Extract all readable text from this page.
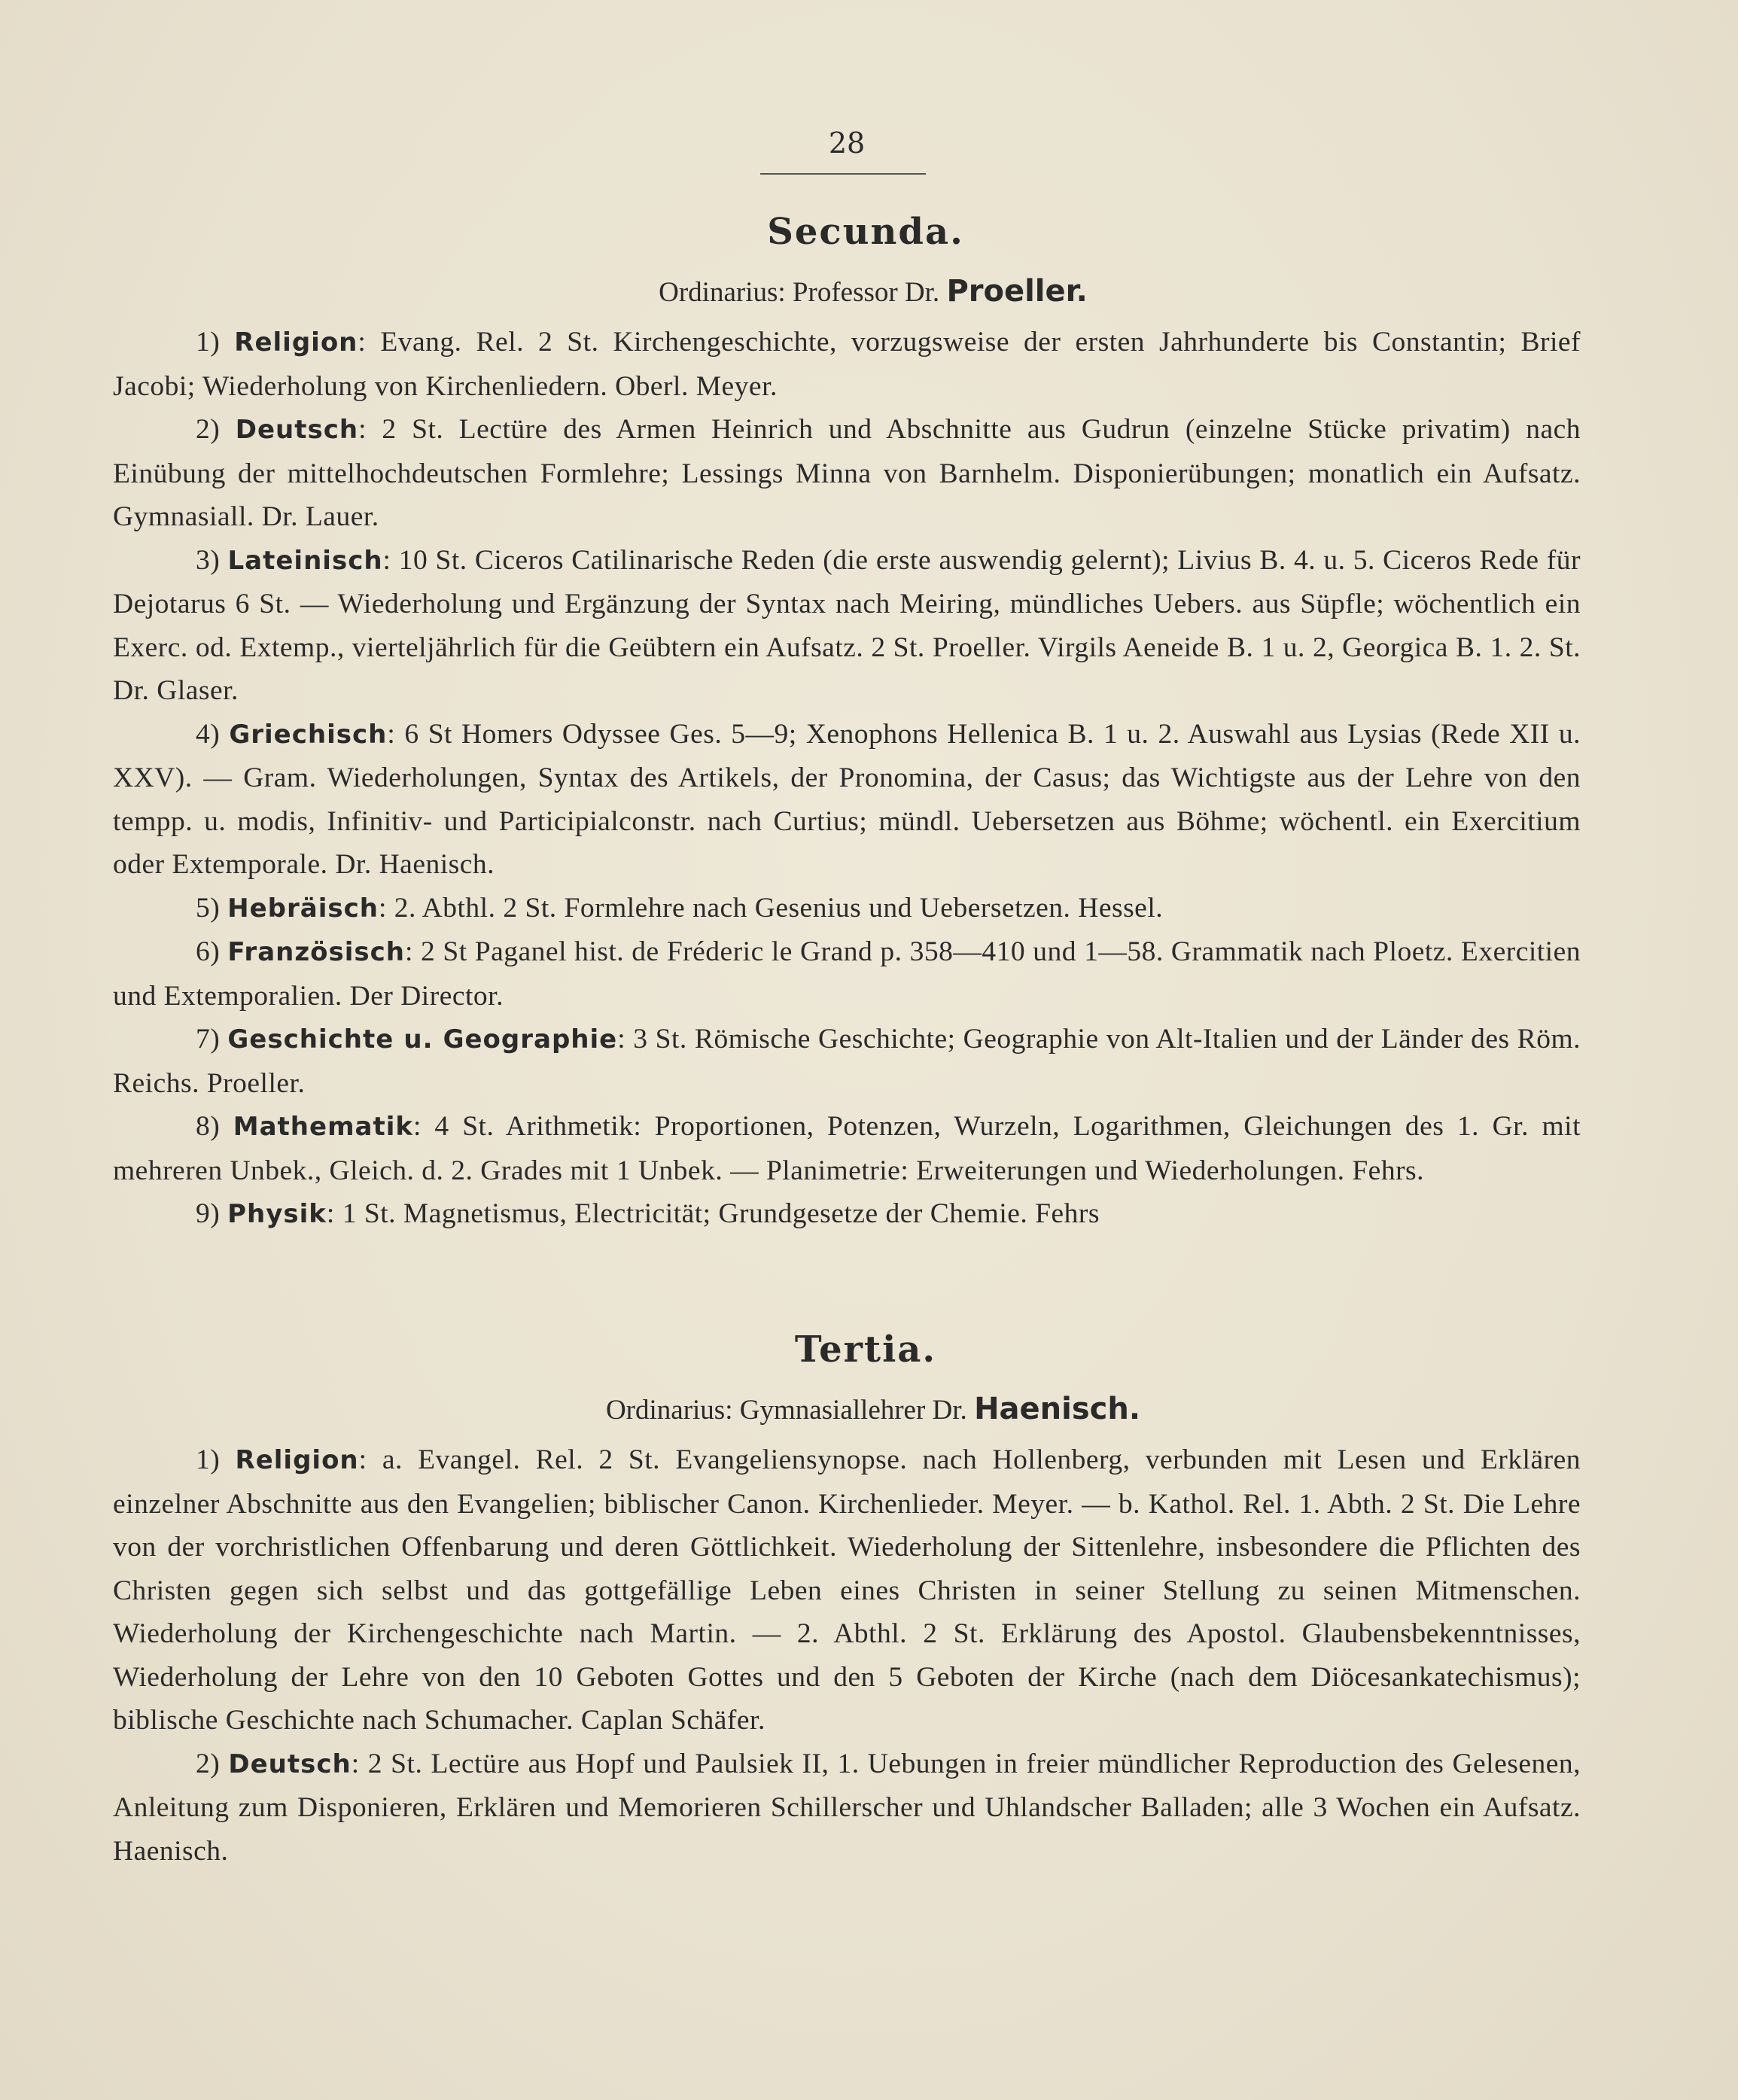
28
Secunda.
Ordinarius: Professor Dr. Proeller.

1) Religion: Evang. Rel. 2 St. Kirchengeschichte, vorzugsweise der ersten Jahrhunderte bis Constantin; Brief Jacobi; Wiederholung von Kirchenliedern. Oberl. Meyer.

2) Deutsch: 2 St. Lectüre des Armen Heinrich und Abschnitte aus Gudrun (einzelne Stücke privatim) nach Einübung der mittelhochdeutschen Formlehre; Lessings Minna von Barnhelm. Disponierübungen; monatlich ein Aufsatz. Gymnasiall. Dr. Lauer.

3) Lateinisch: 10 St. Ciceros Catilinarische Reden (die erste auswendig gelernt); Livius B. 4. u. 5. Ciceros Rede für Dejotarus 6 St. — Wiederholung und Ergänzung der Syntax nach Meiring, mündliches Uebers. aus Süpfle; wöchentlich ein Exerc. od. Extemp., vierteljährlich für die Geübtern ein Aufsatz. 2 St. Proeller. Virgils Aeneide B. 1 u. 2, Georgica B. 1. 2. St. Dr. Glaser.

4) Griechisch: 6 St Homers Odyssee Ges. 5—9; Xenophons Hellenica B. 1 u. 2. Auswahl aus Lysias (Rede XII u. XXV). — Gram. Wiederholungen, Syntax des Artikels, der Pronomina, der Casus; das Wichtigste aus der Lehre von den tempp. u. modis, Infinitiv- und Participialconstr. nach Curtius; mündl. Uebersetzen aus Böhme; wöchentl. ein Exercitium oder Extemporale. Dr. Haenisch.

5) Hebräisch: 2. Abthl. 2 St. Formlehre nach Gesenius und Uebersetzen. Hessel.

6) Französisch: 2 St Paganel hist. de Fréderic le Grand p. 358—410 und 1—58. Grammatik nach Ploetz. Exercitien und Extemporalien. Der Director.

7) Geschichte u. Geographie: 3 St. Römische Geschichte; Geographie von Alt-Italien und der Länder des Röm. Reichs. Proeller.

8) Mathematik: 4 St. Arithmetik: Proportionen, Potenzen, Wurzeln, Logarithmen, Gleichungen des 1. Gr. mit mehreren Unbek., Gleich. d. 2. Grades mit 1 Unbek. — Planimetrie: Erweiterungen und Wiederholungen. Fehrs.

9) Physik: 1 St. Magnetismus, Electricität; Grundgesetze der Chemie. Fehrs

Tertia.
Ordinarius: Gymnasiallehrer Dr. Haenisch.

1) Religion: a. Evangel. Rel. 2 St. Evangeliensynopse. nach Hollenberg, verbunden mit Lesen und Erklären einzelner Abschnitte aus den Evangelien; biblischer Canon. Kirchenlieder. Meyer. — b. Kathol. Rel. 1. Abth. 2 St. Die Lehre von der vorchristlichen Offenbarung und deren Göttlichkeit. Wiederholung der Sittenlehre, insbesondere die Pflichten des Christen gegen sich selbst und das gottgefällige Leben eines Christen in seiner Stellung zu seinen Mitmenschen. Wiederholung der Kirchengeschichte nach Martin. — 2. Abthl. 2 St. Erklärung des Apostol. Glaubensbekenntnisses, Wiederholung der Lehre von den 10 Geboten Gottes und den 5 Geboten der Kirche (nach dem Diöcesankatechismus); biblische Geschichte nach Schumacher. Caplan Schäfer.

2) Deutsch: 2 St. Lectüre aus Hopf und Paulsiek II, 1. Uebungen in freier mündlicher Reproduction des Gelesenen, Anleitung zum Disponieren, Erklären und Memorieren Schillerscher und Uhlandscher Balladen; alle 3 Wochen ein Aufsatz. Haenisch.
